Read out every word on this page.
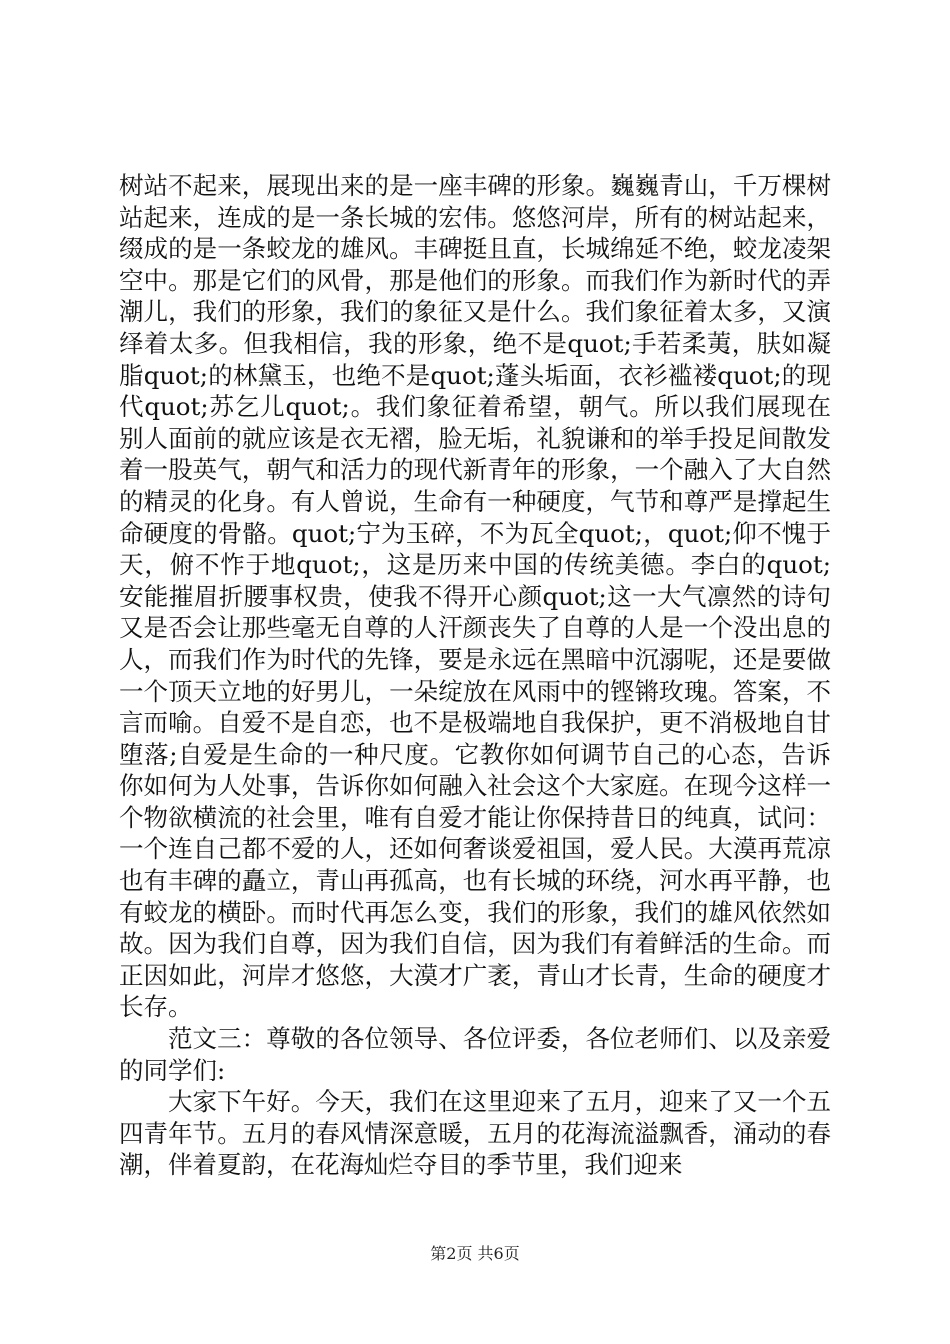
树站不起来，展现出来的是一座丰碑的形象。巍巍青山，千万棵树站起来，连成的是一条长城的宏伟。悠悠河岸，所有的树站起来，缀成的是一条蛟龙的雄风。丰碑挺且直，长城绵延不绝，蛟龙凌架空中。那是它们的风骨，那是他们的形象。而我们作为新时代的弄潮儿，我们的形象，我们的象征又是什么。我们象征着太多，又演绎着太多。但我相信，我的形象，绝不是quot;手若柔荑，肤如凝脂quot;的林黛玉，也绝不是quot;蓬头垢面，衣衫褴褛quot;的现代quot;苏乞儿quot;。我们象征着希望，朝气。所以我们展现在别人面前的就应该是衣无褶，脸无垢，礼貌谦和的举手投足间散发着一股英气，朝气和活力的现代新青年的形象，一个融入了大自然的精灵的化身。有人曾说，生命有一种硬度，气节和尊严是撑起生命硬度的骨骼。quot;宁为玉碎，不为瓦全quot;，quot;仰不愧于天，俯不怍于地quot;，这是历来中国的传统美德。李白的quot;安能摧眉折腰事权贵，使我不得开心颜quot;这一大气凛然的诗句又是否会让那些毫无自尊的人汗颜丧失了自尊的人是一个没出息的人，而我们作为时代的先锋，要是永远在黑暗中沉溺呢，还是要做一个顶天立地的好男儿，一朵绽放在风雨中的铿锵玫瑰。答案，不言而喻。自爱不是自恋，也不是极端地自我保护，更不消极地自甘堕落;自爱是生命的一种尺度。它教你如何调节自己的心态，告诉你如何为人处事，告诉你如何融入社会这个大家庭。在现今这样一个物欲横流的社会里，唯有自爱才能让你保持昔日的纯真，试问：一个连自己都不爱的人，还如何奢谈爱祖国，爱人民。大漠再荒凉也有丰碑的矗立，青山再孤高，也有长城的环绕，河水再平静，也有蛟龙的横卧。而时代再怎么变，我们的形象，我们的雄风依然如故。因为我们自尊，因为我们自信，因为我们有着鲜活的生命。而正因如此，河岸才悠悠，大漠才广袤，青山才长青，生命的硬度才长存。

范文三：尊敬的各位领导、各位评委，各位老师们、以及亲爱的同学们:

大家下午好。今天，我们在这里迎来了五月，迎来了又一个五四青年节。五月的春风情深意暖，五月的花海流溢飘香，涌动的春潮，伴着夏韵，在花海灿烂夺目的季节里，我们迎来

第2页 共6页
